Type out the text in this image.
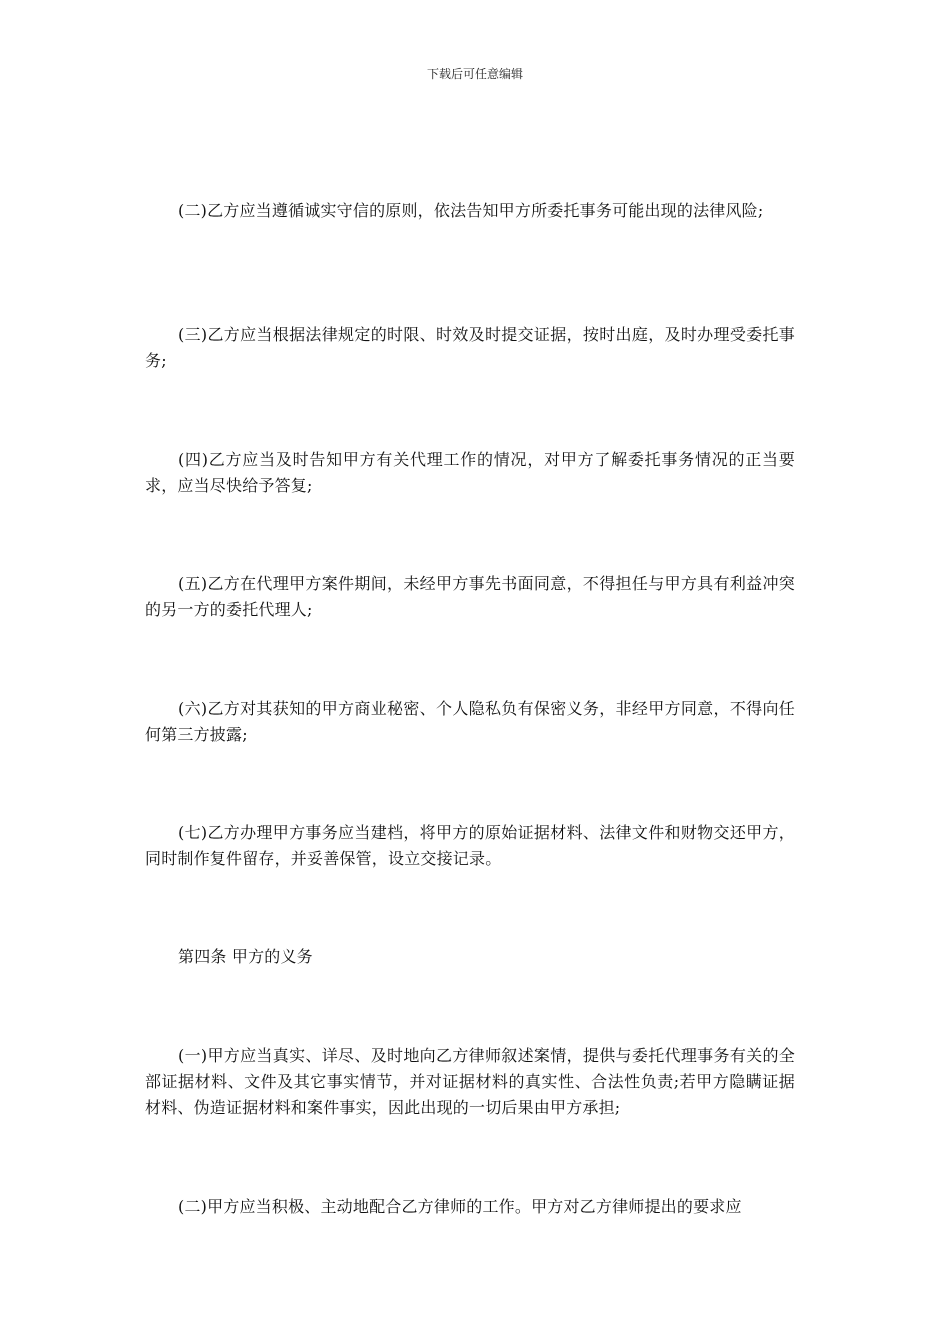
下载后可任意编辑

(二)乙方应当遵循诚实守信的原则，依法告知甲方所委托事务可能出现的法律风险;

(三)乙方应当根据法律规定的时限、时效及时提交证据，按时出庭，及时办理受委托事务;

(四)乙方应当及时告知甲方有关代理工作的情况，对甲方了解委托事务情况的正当要求，应当尽快给予答复;

(五)乙方在代理甲方案件期间，未经甲方事先书面同意，不得担任与甲方具有利益冲突的另一方的委托代理人;

(六)乙方对其获知的甲方商业秘密、个人隐私负有保密义务，非经甲方同意，不得向任何第三方披露;

(七)乙方办理甲方事务应当建档，将甲方的原始证据材料、法律文件和财物交还甲方，同时制作复件留存，并妥善保管，设立交接记录。

第四条 甲方的义务

(一)甲方应当真实、详尽、及时地向乙方律师叙述案情，提供与委托代理事务有关的全部证据材料、文件及其它事实情节，并对证据材料的真实性、合法性负责;若甲方隐瞒证据材料、伪造证据材料和案件事实，因此出现的一切后果由甲方承担;

(二)甲方应当积极、主动地配合乙方律师的工作。甲方对乙方律师提出的要求应
